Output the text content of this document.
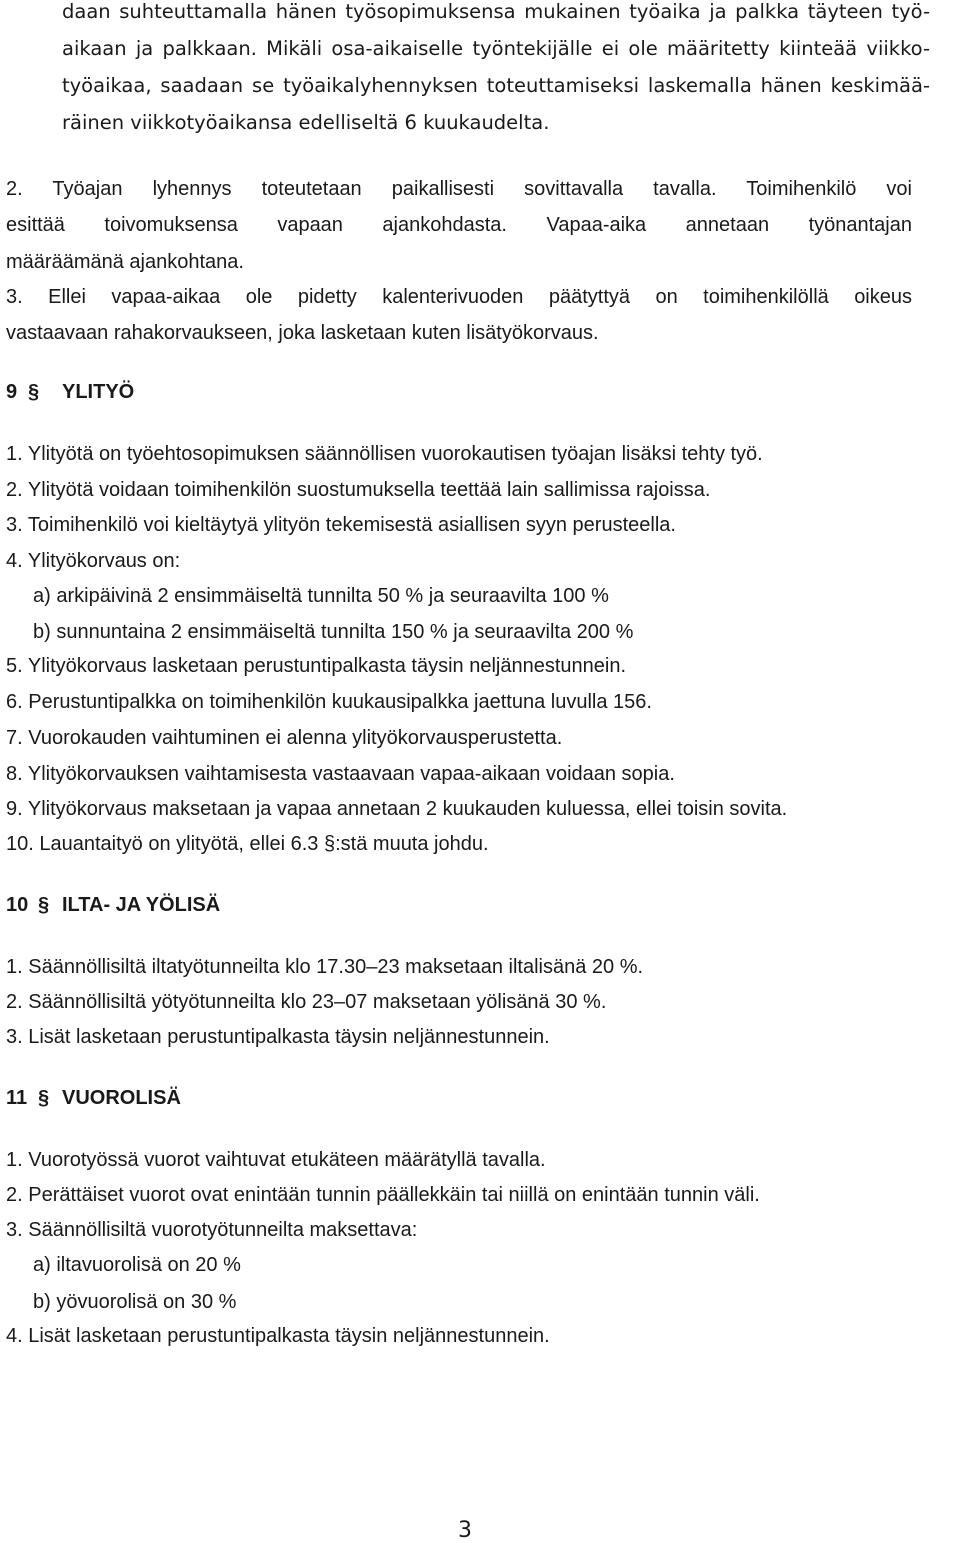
daan suhteuttamalla hänen työsopimuksensa mukainen työaika ja palkka täyteen työ-
aikaan ja palkkaan. Mikäli osa-aikaiselle työntekijälle ei ole määritetty kiinteää viikko-
työaikaa, saadaan se työaikalyhennyksen toteuttamiseksi laskemalla hänen keskimää-
räinen viikkotyöaikansa edelliseltä 6 kuukaudelta.
2. Työajan lyhennys toteutetaan paikallisesti sovittavalla tavalla. Toimihenkilö voi
esittää toivomuksensa vapaan ajankohdasta. Vapaa-aika annetaan työnantajan
määräämänä ajankohtana.
3. Ellei vapaa-aikaa ole pidetty kalenterivuoden päätyttyä on toimihenkilöllä oikeus
vastaavaan rahakorvaukseen, joka lasketaan kuten lisätyökorvaus.
9 § YLITYÖ
1. Ylityötä on työehtosopimuksen säännöllisen vuorokautisen työajan lisäksi tehty työ.
2. Ylityötä voidaan toimihenkilön suostumuksella teettää lain sallimissa rajoissa.
3. Toimihenkilö voi kieltäytyä ylityön tekemisestä asiallisen syyn perusteella.
4. Ylityökorvaus on:
a) arkipäivinä 2 ensimmäiseltä tunnilta 50 % ja seuraavilta 100 %
b) sunnuntaina 2 ensimmäiseltä tunnilta 150 % ja seuraavilta 200 %
5. Ylityökorvaus lasketaan perustuntipalkasta täysin neljännestunnein.
6. Perustuntipalkka on toimihenkilön kuukausipalkka jaettuna luvulla 156.
7. Vuorokauden vaihtuminen ei alenna ylityökorvausperustetta.
8. Ylityökorvauksen vaihtamisesta vastaavaan vapaa-aikaan voidaan sopia.
9. Ylityökorvaus maksetaan ja vapaa annetaan 2 kuukauden kuluessa, ellei toisin sovita.
10. Lauantaityö on ylityötä, ellei 6.3 §:stä muuta johdu.
10 § ILTA- JA YÖLISÄ
1. Säännöllisiltä iltatyötunneilta klo 17.30–23 maksetaan iltalisänä 20 %.
2. Säännöllisiltä yötyötunneilta klo 23–07 maksetaan yölisänä 30 %.
3. Lisät lasketaan perustuntipalkasta täysin neljännestunnein.
11 § VUOROLISÄ
1. Vuorotyössä vuorot vaihtuvat etukäteen määrätyllä tavalla.
2. Perättäiset vuorot ovat enintään tunnin päällekkäin tai niillä on enintään tunnin väli.
3. Säännöllisiltä vuorotyötunneilta maksettava:
a) iltavuorolisä on 20 %
b) yövuorolisä on 30 %
4. Lisät lasketaan perustuntipalkasta täysin neljännestunnein.
3
